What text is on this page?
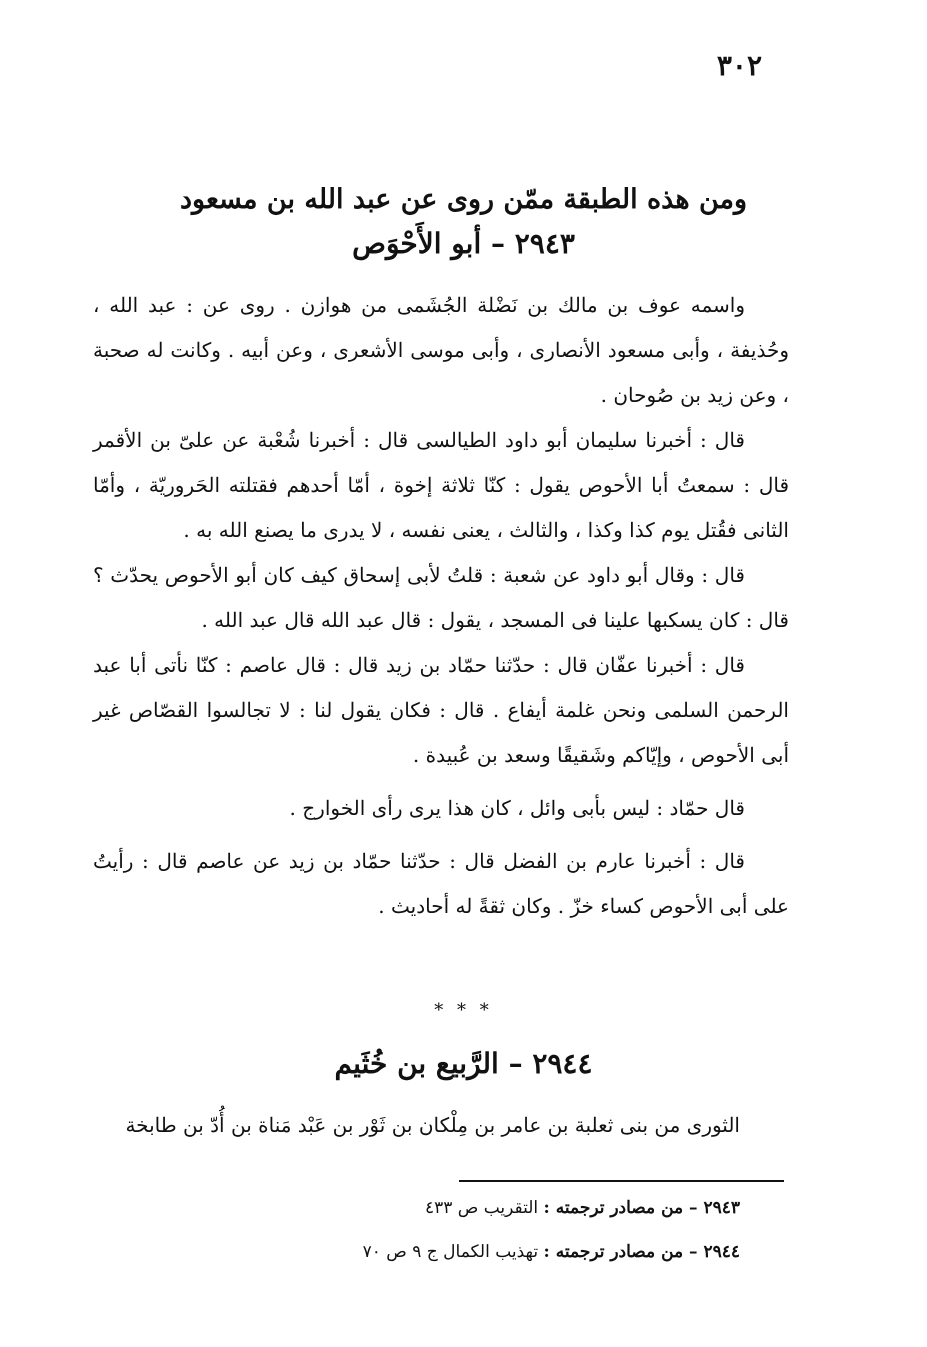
٣٠٢
ومن هذه الطبقة ممّن روى عن عبد الله بن مسعود
٢٩٤٣ – أبو الأَحْوَص

واسمه عوف بن مالك بن نَضْلة الجُشَمى من هوازن . روى عن : عبد الله ، وحُذيفة ، وأبى مسعود الأنصارى ، وأبى موسى الأشعرى ، وعن أبيه . وكانت له صحبة ، وعن زيد بن صُوحان .

قال : أخبرنا سليمان أبو داود الطيالسى قال : أخبرنا شُعْبة عن علىّ بن الأقمر قال : سمعتُ أبا الأحوص يقول : كنّا ثلاثة إخوة ، أمّا أحدهم فقتلته الحَروريّة ، وأمّا الثانى فقُتل يوم كذا وكذا ، والثالث ، يعنى نفسه ، لا يدرى ما يصنع الله به .

قال : وقال أبو داود عن شعبة : قلتُ لأبى إسحاق كيف كان أبو الأحوص يحدّث ؟ قال : كان يسكبها علينا فى المسجد ، يقول : قال عبد الله قال عبد الله .

قال : أخبرنا عفّان قال : حدّثنا حمّاد بن زيد قال : قال عاصم : كنّا نأتى أبا عبد الرحمن السلمى ونحن غلمة أيفاع . قال : فكان يقول لنا : لا تجالسوا القصّاص غير أبى الأحوص ، وإيّاكم وشَقيقًا وسعد بن عُبيدة .

قال حمّاد : ليس بأبى وائل ، كان هذا يرى رأى الخوارج .

قال : أخبرنا عارم بن الفضل قال : حدّثنا حمّاد بن زيد عن عاصم قال : رأيتُ على أبى الأحوص كساء خزّ . وكان ثقةً له أحاديث .

* * *
٢٩٤٤ – الرَّبيع بن خُثَيم

الثورى من بنى ثعلبة بن عامر بن مِلْكان بن ثَوْر بن عَبْد مَناة بن أُدّ بن طابخة

٢٩٤٣ – من مصادر ترجمته : التقريب ص ٤٣٣

٢٩٤٤ – من مصادر ترجمته : تهذيب الكمال ج ٩ ص ٧٠
